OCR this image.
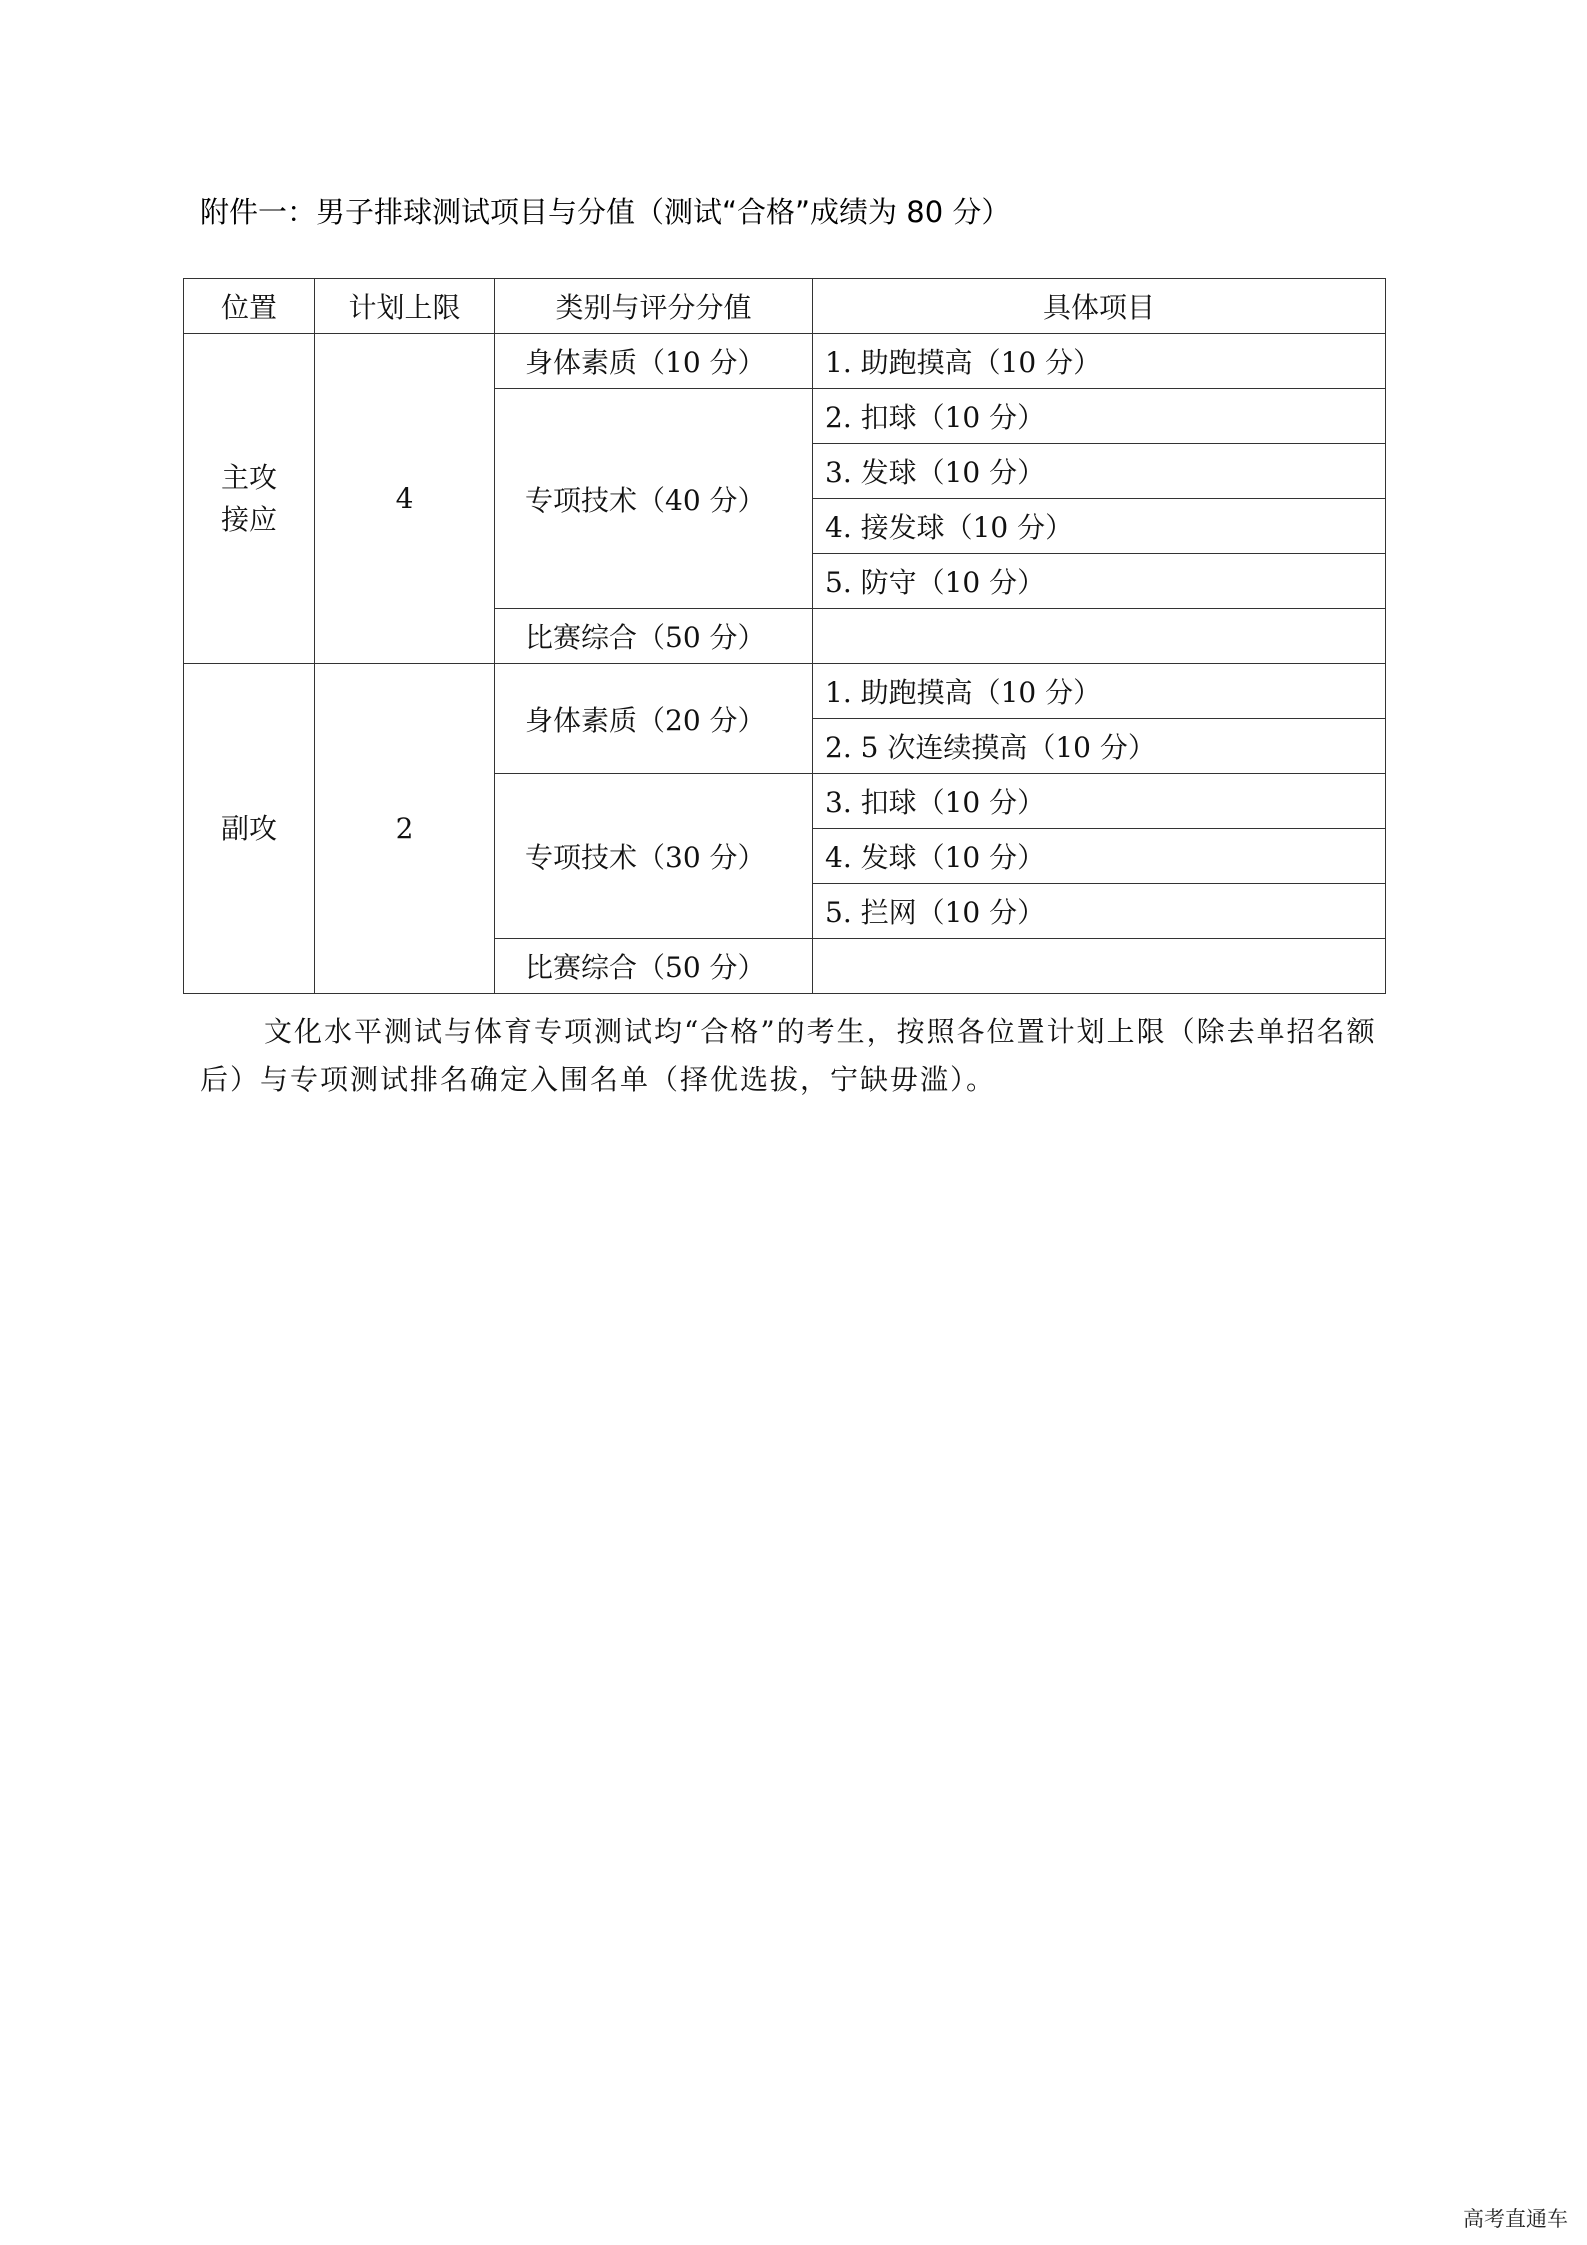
附件一：男子排球测试项目与分值（测试“合格”成绩为 80 分）
位置	计划上限	类别与评分分值	具体项目
主攻
接应	4	身体素质（10 分）	1. 助跑摸高（10 分）
		专项技术（40 分）	2. 扣球（10 分）
			3. 发球（10 分）
			4. 接发球（10 分）
			5. 防守（10 分）
		比赛综合（50 分）	
副攻	2	身体素质（20 分）	1. 助跑摸高（10 分）
			2. 5 次连续摸高（10 分）
		专项技术（30 分）	3. 扣球（10 分）
			4. 发球（10 分）
			5. 拦网（10 分）
		比赛综合（50 分）	

文化水平测试与体育专项测试均“合格”的考生，按照各位置计划上限（除去单招名额后）与专项测试排名确定入围名单（择优选拔，宁缺毋滥）。

高考直通车
